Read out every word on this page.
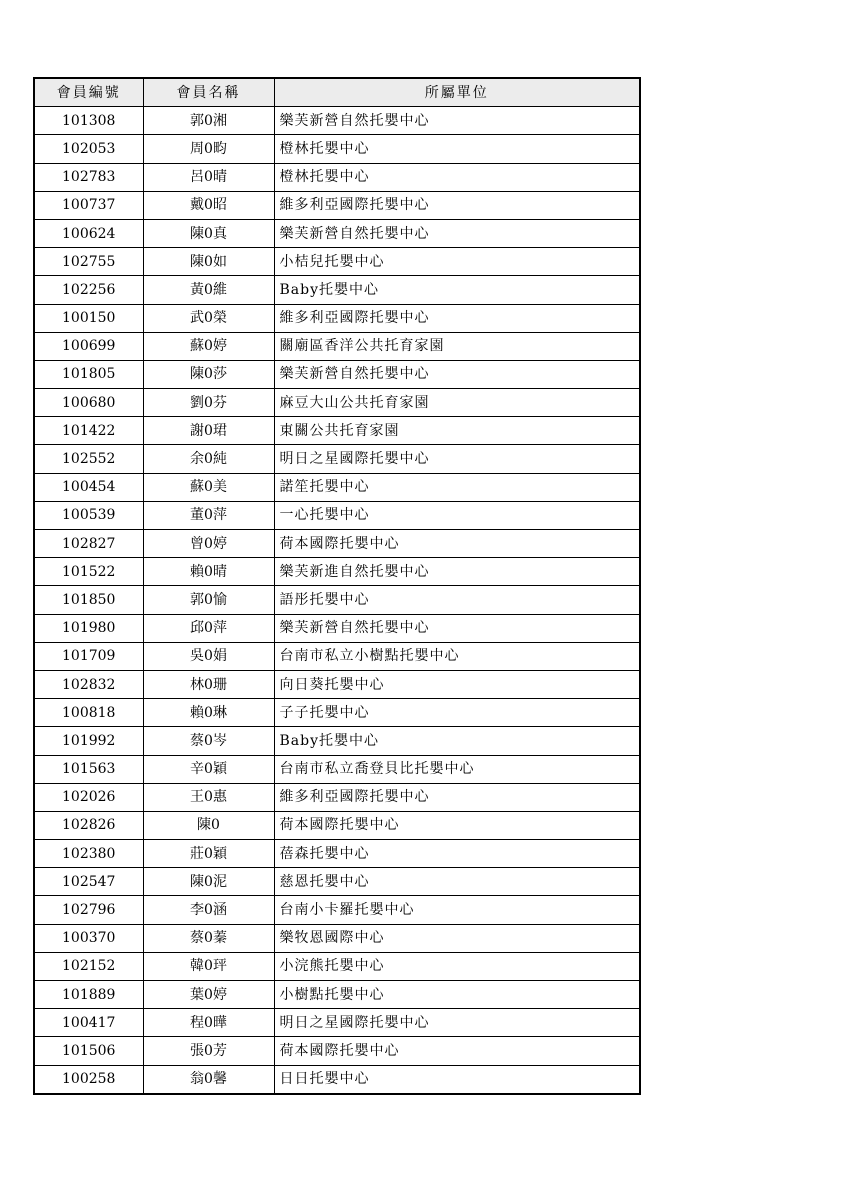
會員編號	會員名稱	所屬單位
101308	郭0湘	樂芙新營自然托嬰中心
102053	周0畇	橙林托嬰中心
102783	呂0晴	橙林托嬰中心
100737	戴0昭	維多利亞國際托嬰中心
100624	陳0真	樂芙新營自然托嬰中心
102755	陳0如	小桔兒托嬰中心
102256	黃0維	Baby托嬰中心
100150	武0榮	維多利亞國際托嬰中心
100699	蘇0婷	關廟區香洋公共托育家園
101805	陳0莎	樂芙新營自然托嬰中心
100680	劉0芬	麻豆大山公共托育家園
101422	謝0珺	東關公共托育家園
102552	余0純	明日之星國際托嬰中心
100454	蘇0美	諾笙托嬰中心
100539	董0萍	一心托嬰中心
102827	曾0婷	荷本國際托嬰中心
101522	賴0晴	樂芙新進自然托嬰中心
101850	郭0愉	語彤托嬰中心
101980	邱0萍	樂芙新營自然托嬰中心
101709	吳0娟	台南市私立小樹點托嬰中心
102832	林0珊	向日葵托嬰中心
100818	賴0琳	子子托嬰中心
101992	蔡0岑	Baby托嬰中心
101563	辛0穎	台南市私立喬登貝比托嬰中心
102026	王0惠	維多利亞國際托嬰中心
102826	陳0	荷本國際托嬰中心
102380	莊0穎	蓓森托嬰中心
102547	陳0泥	慈恩托嬰中心
102796	李0涵	台南小卡羅托嬰中心
100370	蔡0蓁	樂牧恩國際中心
102152	韓0玶	小浣熊托嬰中心
101889	葉0婷	小樹點托嬰中心
100417	程0曄	明日之星國際托嬰中心
101506	張0芳	荷本國際托嬰中心
100258	翁0馨	日日托嬰中心
